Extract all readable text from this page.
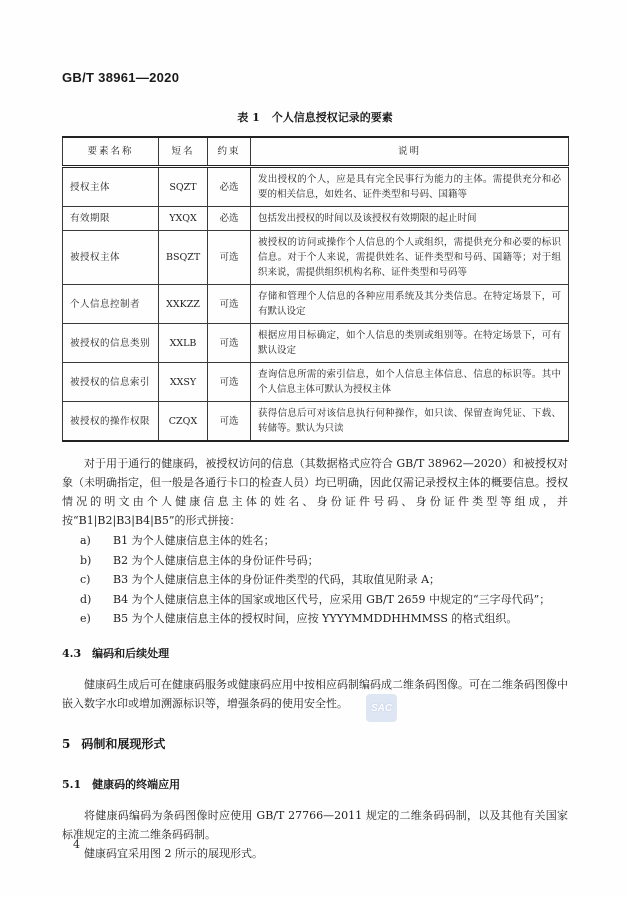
GB/T 38961—2020
表 1 个人信息授权记录的要素
要素名称	短名	约束	说明
授权主体	SQZT	必选	发出授权的个人，应是具有完全民事行为能力的主体。需提供充分和必要的相关信息，如姓名、证件类型和号码、国籍等
有效期限	YXQX	必选	包括发出授权的时间以及该授权有效期限的起止时间
被授权主体	BSQZT	可选	被授权的访问或操作个人信息的个人或组织，需提供充分和必要的标识信息。对于个人来说，需提供姓名、证件类型和号码、国籍等；对于组织来说，需提供组织机构名称、证件类型和号码等
个人信息控制者	XXKZZ	可选	存储和管理个人信息的各种应用系统及其分类信息。在特定场景下，可有默认设定
被授权的信息类别	XXLB	可选	根据应用目标确定，如个人信息的类别或组别等。在特定场景下，可有默认设定
被授权的信息索引	XXSY	可选	查询信息所需的索引信息，如个人信息主体信息、信息的标识等。其中个人信息主体可默认为授权主体
被授权的操作权限	CZQX	可选	获得信息后可对该信息执行何种操作，如只读、保留查询凭证、下载、转储等。默认为只读

对于用于通行的健康码，被授权访问的信息（其数据格式应符合 GB/T 38962—2020）和被授权对象（未明确指定，但一般是各通行卡口的检查人员）均已明确，因此仅需记录授权主体的概要信息。授权情况的明文由个人健康信息主体的姓名、身份证件号码、身份证件类型等组成，并按“B1|B2|B3|B4|B5”的形式拼接：

a)	B1 为个人健康信息主体的姓名；
b)	B2 为个人健康信息主体的身份证件号码；
c)	B3 为个人健康信息主体的身份证件类型的代码，其取值见附录 A；
d)	B4 为个人健康信息主体的国家或地区代号，应采用 GB/T 2659 中规定的“三字母代码”；
e)	B5 为个人健康信息主体的授权时间，应按 YYYYMMDDHHMMSS 的格式组织。
4.3 编码和后续处理

健康码生成后可在健康码服务或健康码应用中按相应码制编码成二维条码图像。可在二维条码图像中嵌入数字水印或增加溯源标识等，增强条码的使用安全性。

5 码制和展现形式
5.1 健康码的终端应用

将健康码编码为条码图像时应使用 GB/T 27766—2011 规定的二维条码码制，以及其他有关国家标准规定的主流二维条码码制。

健康码宜采用图 2 所示的展现形式。

SAC
4
